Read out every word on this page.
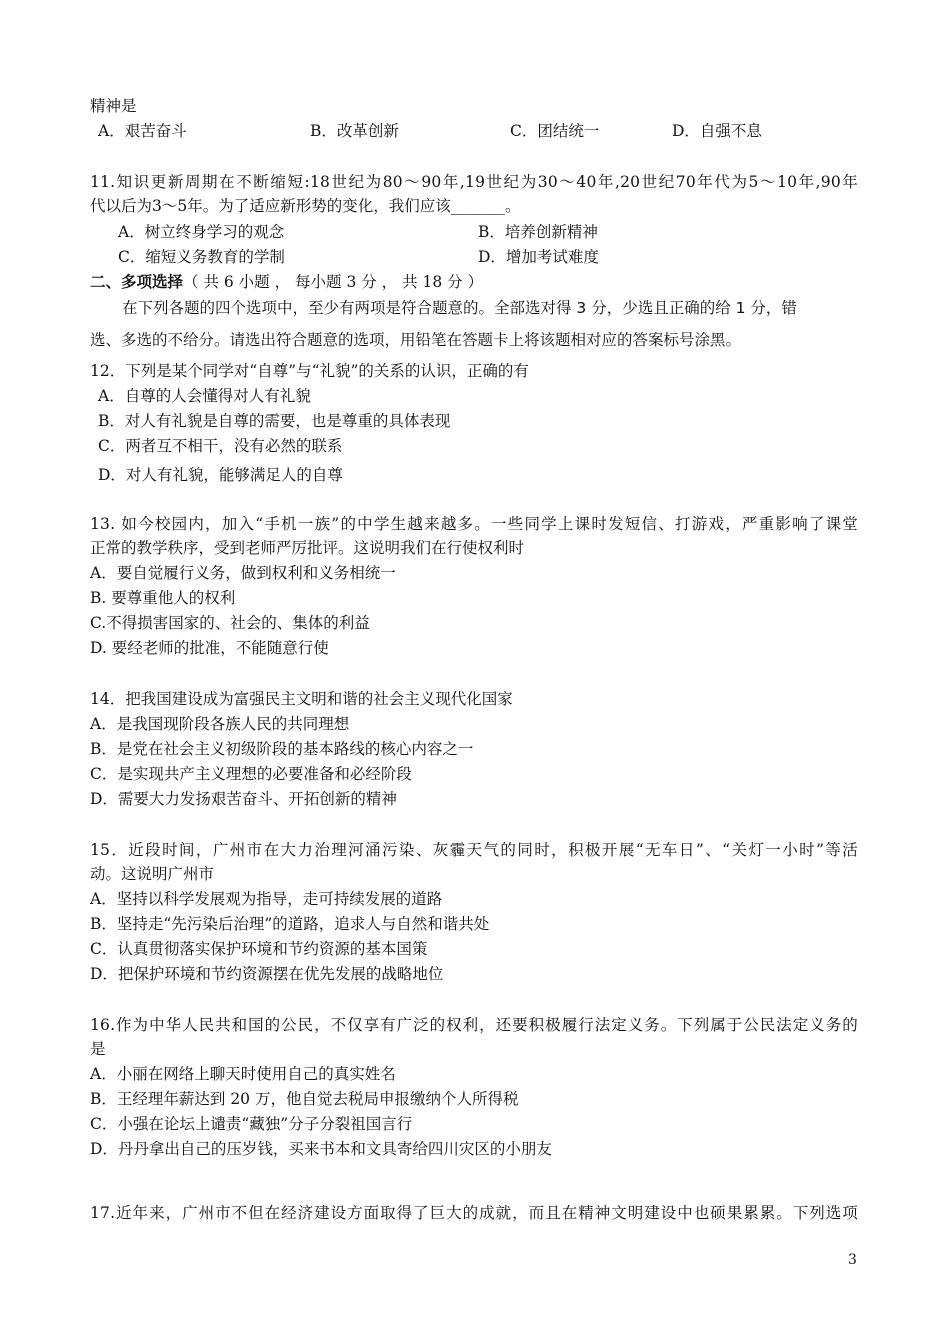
精神是
A．艰苦奋斗	B．改革创新	C．团结统一	D．自强不息
11.知识更新周期在不断缩短:18世纪为80～90年,19世纪为30～40年,20世纪70年代为5～10年,90年
代以后为3～5年。为了适应新形势的变化，我们应该_______。
A．树立终身学习的观念	B．培养创新精神
C．缩短义务教育的学制	D．增加考试难度
二、多项选择（ 共 6 小题 ， 每小题 3 分 ， 共 18 分 ）
在下列各题的四个选项中，至少有两项是符合题意的。全部选对得 3 分，少选且正确的给 1 分，错
选、多选的不给分。请选出符合题意的选项，用铅笔在答题卡上将该题相对应的答案标号涂黑。
12．下列是某个同学对“自尊”与“礼貌”的关系的认识，正确的有
A．自尊的人会懂得对人有礼貌
B．对人有礼貌是自尊的需要，也是尊重的具体表现
C．两者互不相干，没有必然的联系
D．对人有礼貌，能够满足人的自尊
13. 如今校园内，加入“手机一族”的中学生越来越多。一些同学上课时发短信、打游戏，严重影响了课堂
正常的教学秩序，受到老师严厉批评。这说明我们在行使权利时
A．要自觉履行义务，做到权利和义务相统一
B. 要尊重他人的权利
C.不得损害国家的、社会的、集体的利益
D. 要经老师的批准，不能随意行使
14．把我国建设成为富强民主文明和谐的社会主义现代化国家
A．是我国现阶段各族人民的共同理想
B．是党在社会主义初级阶段的基本路线的核心内容之一
C．是实现共产主义理想的必要准备和必经阶段
D．需要大力发扬艰苦奋斗、开拓创新的精神
15．近段时间，广州市在大力治理河涌污染、灰霾天气的同时，积极开展“无车日”、“关灯一小时”等活
动。这说明广州市
A．坚持以科学发展观为指导，走可持续发展的道路
B．坚持走“先污染后治理”的道路，追求人与自然和谐共处
C．认真贯彻落实保护环境和节约资源的基本国策
D．把保护环境和节约资源摆在优先发展的战略地位
16.作为中华人民共和国的公民，不仅享有广泛的权利，还要积极履行法定义务。下列属于公民法定义务的
是
A．小丽在网络上聊天时使用自己的真实姓名
B．王经理年薪达到 20 万，他自觉去税局申报缴纳个人所得税
C．小强在论坛上谴责“藏独”分子分裂祖国言行
D．丹丹拿出自己的压岁钱，买来书本和文具寄给四川灾区的小朋友
17.近年来，广州市不但在经济建设方面取得了巨大的成就，而且在精神文明建设中也硕果累累。下列选项
3
